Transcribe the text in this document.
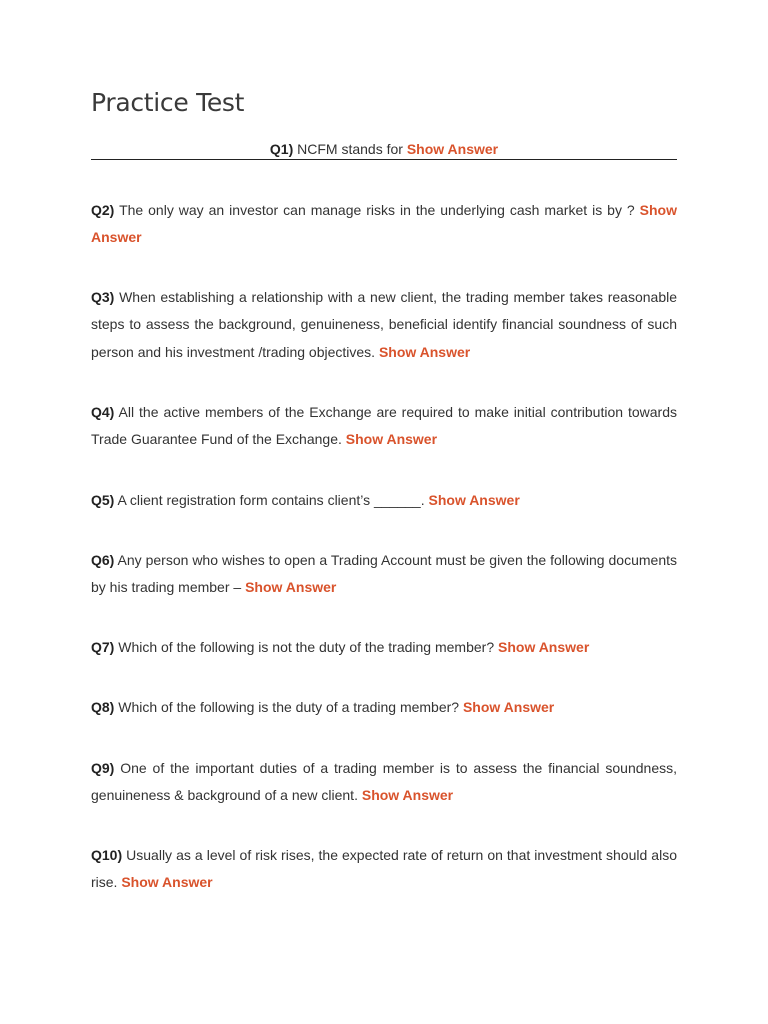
Practice Test
Q1) NCFM stands for Show Answer

Q2) The only way an investor can manage risks in the underlying cash market is by ? Show Answer

Q3) When establishing a relationship with a new client, the trading member takes reasonable steps to assess the background, genuineness, beneficial identify financial soundness of such person and his investment /trading objectives. Show Answer

Q4) All the active members of the Exchange are required to make initial contribution towards Trade Guarantee Fund of the Exchange. Show Answer

Q5) A client registration form contains client’s ______. Show Answer

Q6) Any person who wishes to open a Trading Account must be given the following documents by his trading member – Show Answer

Q7) Which of the following is not the duty of the trading member? Show Answer

Q8) Which of the following is the duty of a trading member? Show Answer

Q9) One of the important duties of a trading member is to assess the financial soundness, genuineness & background of a new client. Show Answer

Q10) Usually as a level of risk rises, the expected rate of return on that investment should also rise. Show Answer
